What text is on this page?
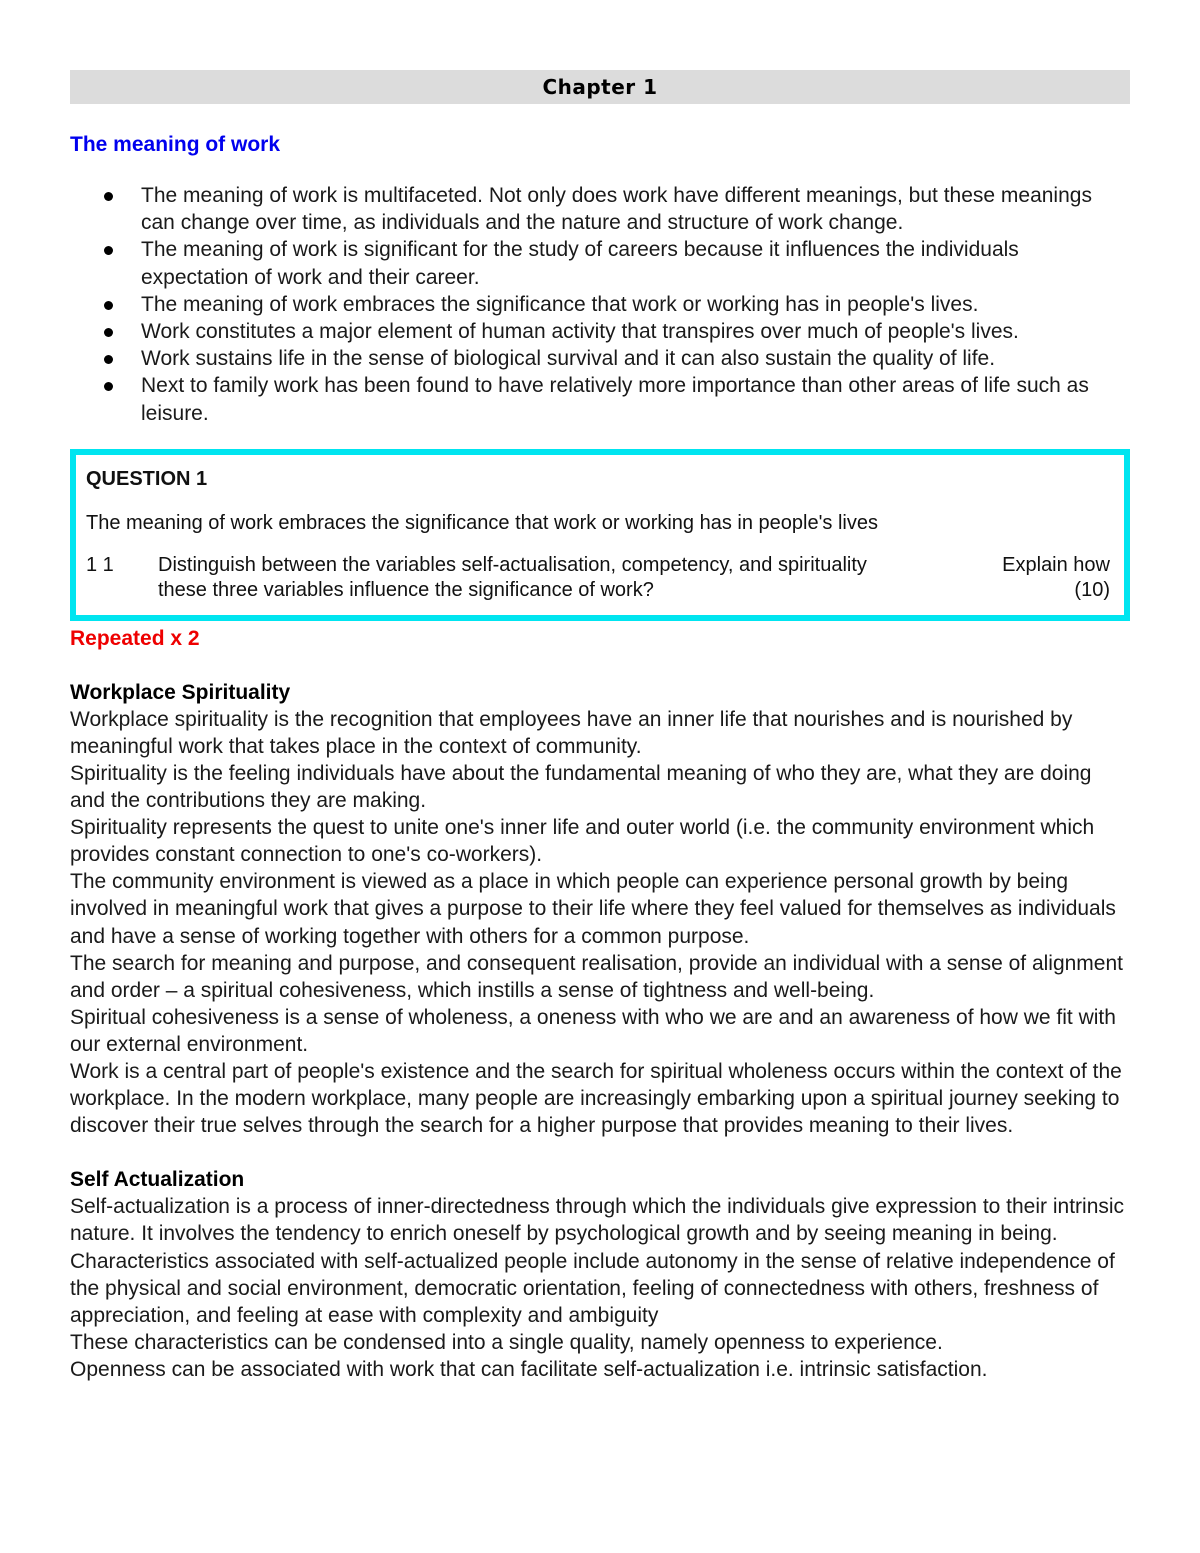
Chapter 1
The meaning of work
The meaning of work is multifaceted. Not only does work have different meanings, but these meanings can change over time, as individuals and the nature and structure of work change.
The meaning of work is significant for the study of careers because it influences the individuals expectation of work and their career.
The meaning of work embraces the significance that work or working has in people's lives.
Work constitutes a major element of human activity that transpires over much of people's lives.
Work sustains life in the sense of biological survival and it can also sustain the quality of life.
Next to family work has been found to have relatively more importance than other areas of life such as leisure.
QUESTION 1
The meaning of work embraces the significance that work or working has in people's lives
1 1	Distinguish between the variables self-actualisation, competency, and spirituality	Explain how
these three variables influence the significance of work?	(10)
Repeated x 2
Workplace Spirituality

Workplace spirituality is the recognition that employees have an inner life that nourishes and is nourished by meaningful work that takes place in the context of community.

Spirituality is the feeling individuals have about the fundamental meaning of who they are, what they are doing and the contributions they are making.

Spirituality represents the quest to unite one's inner life and outer world (i.e. the community environment which provides constant connection to one's co-workers).

The community environment is viewed as a place in which people can experience personal growth by being involved in meaningful work that gives a purpose to their life where they feel valued for themselves as individuals and have a sense of working together with others for a common purpose.

The search for meaning and purpose, and consequent realisation, provide an individual with a sense of alignment and order – a spiritual cohesiveness, which instills a sense of tightness and well-being.

Spiritual cohesiveness is a sense of wholeness, a oneness with who we are and an awareness of how we fit with our external environment.

Work is a central part of people's existence and the search for spiritual wholeness occurs within the context of the workplace. In the modern workplace, many people are increasingly embarking upon a spiritual journey seeking to discover their true selves through the search for a higher purpose that provides meaning to their lives.

Self Actualization

Self-actualization is a process of inner-directedness through which the individuals give expression to their intrinsic nature. It involves the tendency to enrich oneself by psychological growth and by seeing meaning in being.

Characteristics associated with self-actualized people include autonomy in the sense of relative independence of the physical and social environment, democratic orientation, feeling of connectedness with others, freshness of appreciation, and feeling at ease with complexity and ambiguity

These characteristics can be condensed into a single quality, namely openness to experience.

Openness can be associated with work that can facilitate self-actualization i.e. intrinsic satisfaction.
